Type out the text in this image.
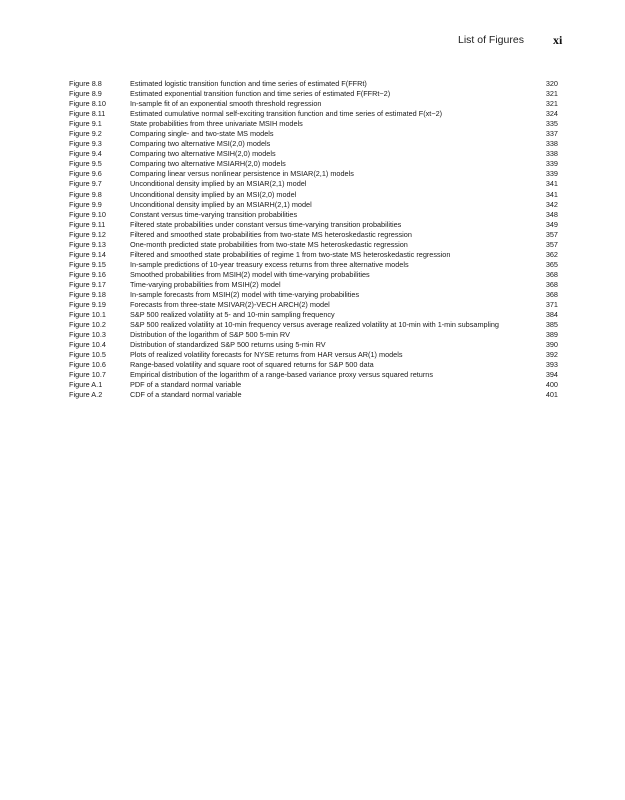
List of Figures xi
Figure 8.8	Estimated logistic transition function and time series of estimated F(FFRt)	320
Figure 8.9	Estimated exponential transition function and time series of estimated F(FFRt−2)	321
Figure 8.10	In-sample fit of an exponential smooth threshold regression	321
Figure 8.11	Estimated cumulative normal self-exciting transition function and time series of estimated F(xt−2)	324
Figure 9.1	State probabilities from three univariate MSIH models	335
Figure 9.2	Comparing single- and two-state MS models	337
Figure 9.3	Comparing two alternative MSI(2,0) models	338
Figure 9.4	Comparing two alternative MSIH(2,0) models	338
Figure 9.5	Comparing two alternative MSIARH(2,0) models	339
Figure 9.6	Comparing linear versus nonlinear persistence in MSIAR(2,1) models	339
Figure 9.7	Unconditional density implied by an MSIAR(2,1) model	341
Figure 9.8	Unconditional density implied by an MSI(2,0) model	341
Figure 9.9	Unconditional density implied by an MSIARH(2,1) model	342
Figure 9.10	Constant versus time-varying transition probabilities	348
Figure 9.11	Filtered state probabilities under constant versus time-varying transition probabilities	349
Figure 9.12	Filtered and smoothed state probabilities from two-state MS heteroskedastic regression	357
Figure 9.13	One-month predicted state probabilities from two-state MS heteroskedastic regression	357
Figure 9.14	Filtered and smoothed state probabilities of regime 1 from two-state MS heteroskedastic regression	362
Figure 9.15	In-sample predictions of 10-year treasury excess returns from three alternative models	365
Figure 9.16	Smoothed probabilities from MSIH(2) model with time-varying probabilities	368
Figure 9.17	Time-varying probabilities from MSIH(2) model	368
Figure 9.18	In-sample forecasts from MSIH(2) model with time-varying probabilities	368
Figure 9.19	Forecasts from three-state MSIVAR(2)-VECH ARCH(2) model	371
Figure 10.1	S&P 500 realized volatility at 5- and 10-min sampling frequency	384
Figure 10.2	S&P 500 realized volatility at 10-min frequency versus average realized volatility at 10-min with 1-min subsampling	385
Figure 10.3	Distribution of the logarithm of S&P 500 5-min RV	389
Figure 10.4	Distribution of standardized S&P 500 returns using 5-min RV	390
Figure 10.5	Plots of realized volatility forecasts for NYSE returns from HAR versus AR(1) models	392
Figure 10.6	Range-based volatility and square root of squared returns for S&P 500 data	393
Figure 10.7	Empirical distribution of the logarithm of a range-based variance proxy versus squared returns	394
Figure A.1	PDF of a standard normal variable	400
Figure A.2	CDF of a standard normal variable	401
